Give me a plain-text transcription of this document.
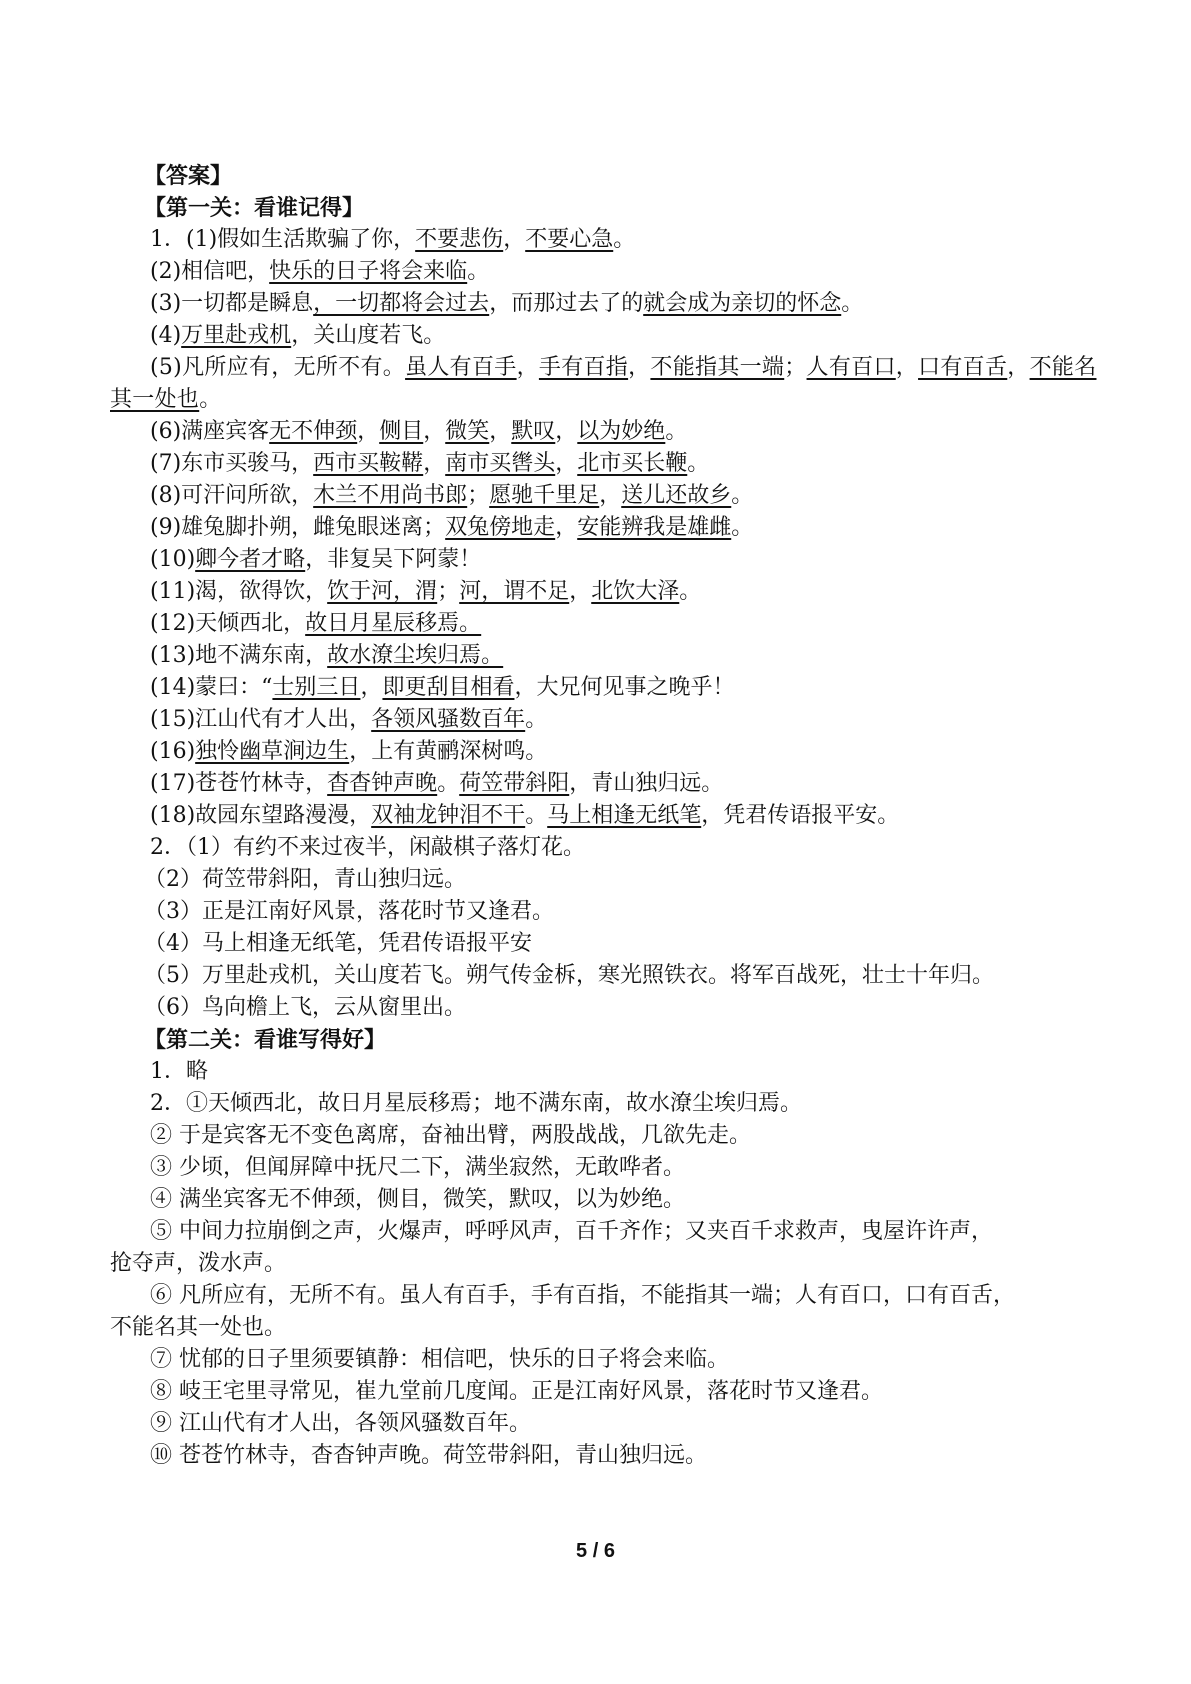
【答案】
【第一关：看谁记得】
1．(1)假如生活欺骗了你，不要悲伤，不要心急。
(2)相信吧，快乐的日子将会来临。
(3)一切都是瞬息，一切都将会过去，而那过去了的就会成为亲切的怀念。
(4)万里赴戎机，关山度若飞。
(5)凡所应有，无所不有。虽人有百手，手有百指，不能指其一端；人有百口，口有百舌，不能名其一处也。
(6)满座宾客无不伸颈，侧目，微笑，默叹，以为妙绝。
(7)东市买骏马，西市买鞍鞯，南市买辔头，北市买长鞭。
(8)可汗问所欲，木兰不用尚书郎；愿驰千里足，送儿还故乡。
(9)雄兔脚扑朔，雌兔眼迷离；双兔傍地走，安能辨我是雄雌。
(10)卿今者才略，非复吴下阿蒙！
(11)渴，欲得饮，饮于河，渭；河，谓不足，北饮大泽。
(12)天倾西北，故日月星辰移焉。
(13)地不满东南，故水潦尘埃归焉。
(14)蒙曰：“士别三日，即更刮目相看，大兄何见事之晚乎！
(15)江山代有才人出，各领风骚数百年。
(16)独怜幽草涧边生，上有黄鹂深树鸣。
(17)苍苍竹林寺，杳杳钟声晚。荷笠带斜阳，青山独归远。
(18)故园东望路漫漫，双袖龙钟泪不干。马上相逢无纸笔，凭君传语报平安。
2．（1）有约不来过夜半，闲敲棋子落灯花。
（2）荷笠带斜阳，青山独归远。
（3）正是江南好风景，落花时节又逢君。
（4）马上相逢无纸笔，凭君传语报平安
（5）万里赴戎机，关山度若飞。朔气传金柝，寒光照铁衣。将军百战死，壮士十年归。
（6）鸟向檐上飞，云从窗里出。
【第二关：看谁写得好】
1．略
2．①天倾西北，故日月星辰移焉；地不满东南，故水潦尘埃归焉。
② 于是宾客无不变色离席，奋袖出臂，两股战战，几欲先走。
③ 少顷，但闻屏障中抚尺二下，满坐寂然，无敢哗者。
④ 满坐宾客无不伸颈，侧目，微笑，默叹，以为妙绝。
⑤ 中间力拉崩倒之声，火爆声，呼呼风声，百千齐作；又夹百千求救声，曳屋许许声，
抢夺声，泼水声。
⑥ 凡所应有，无所不有。虽人有百手，手有百指，不能指其一端；人有百口，口有百舌，
不能名其一处也。
⑦ 忧郁的日子里须要镇静：相信吧，快乐的日子将会来临。
⑧ 岐王宅里寻常见，崔九堂前几度闻。正是江南好风景，落花时节又逢君。
⑨ 江山代有才人出，各领风骚数百年。
⑩ 苍苍竹林寺，杳杳钟声晚。荷笠带斜阳，青山独归远。
5 / 6
